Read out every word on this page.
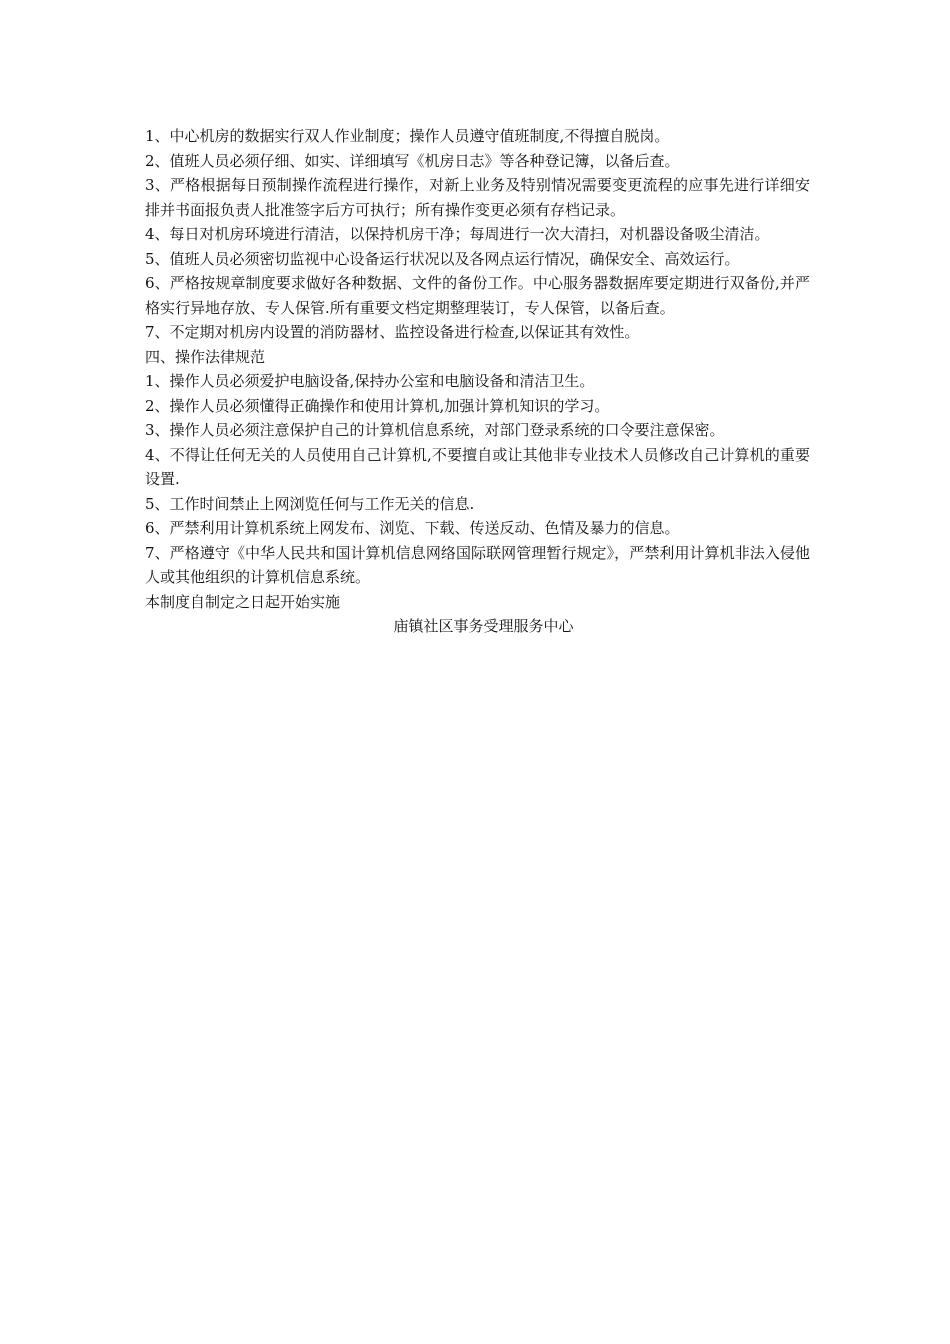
1、中心机房的数据实行双人作业制度；操作人员遵守值班制度,不得擅自脱岗。

2、值班人员必须仔细、如实、详细填写《机房日志》等各种登记簿，以备后查。

3、严格根据每日预制操作流程进行操作，对新上业务及特别情况需要变更流程的应事先进行详细安排并书面报负责人批准签字后方可执行；所有操作变更必须有存档记录。

4、每日对机房环境进行清洁，以保持机房干净；每周进行一次大清扫，对机器设备吸尘清洁。

5、值班人员必须密切监视中心设备运行状况以及各网点运行情况，确保安全、高效运行。

6、严格按规章制度要求做好各种数据、文件的备份工作。中心服务器数据库要定期进行双备份,并严格实行异地存放、专人保管.所有重要文档定期整理装订，专人保管，以备后查。

7、不定期对机房内设置的消防器材、监控设备进行检查,以保证其有效性。

四、操作法律规范

1、操作人员必须爱护电脑设备,保持办公室和电脑设备和清洁卫生。

2、操作人员必须懂得正确操作和使用计算机,加强计算机知识的学习。

3、操作人员必须注意保护自己的计算机信息系统，对部门登录系统的口令要注意保密。

4、不得让任何无关的人员使用自己计算机,不要擅自或让其他非专业技术人员修改自己计算机的重要设置.

5、工作时间禁止上网浏览任何与工作无关的信息.

6、严禁利用计算机系统上网发布、浏览、下载、传送反动、色情及暴力的信息。

7、严格遵守《中华人民共和国计算机信息网络国际联网管理暂行规定》，严禁利用计算机非法入侵他人或其他组织的计算机信息系统。

本制度自制定之日起开始实施

庙镇社区事务受理服务中心
